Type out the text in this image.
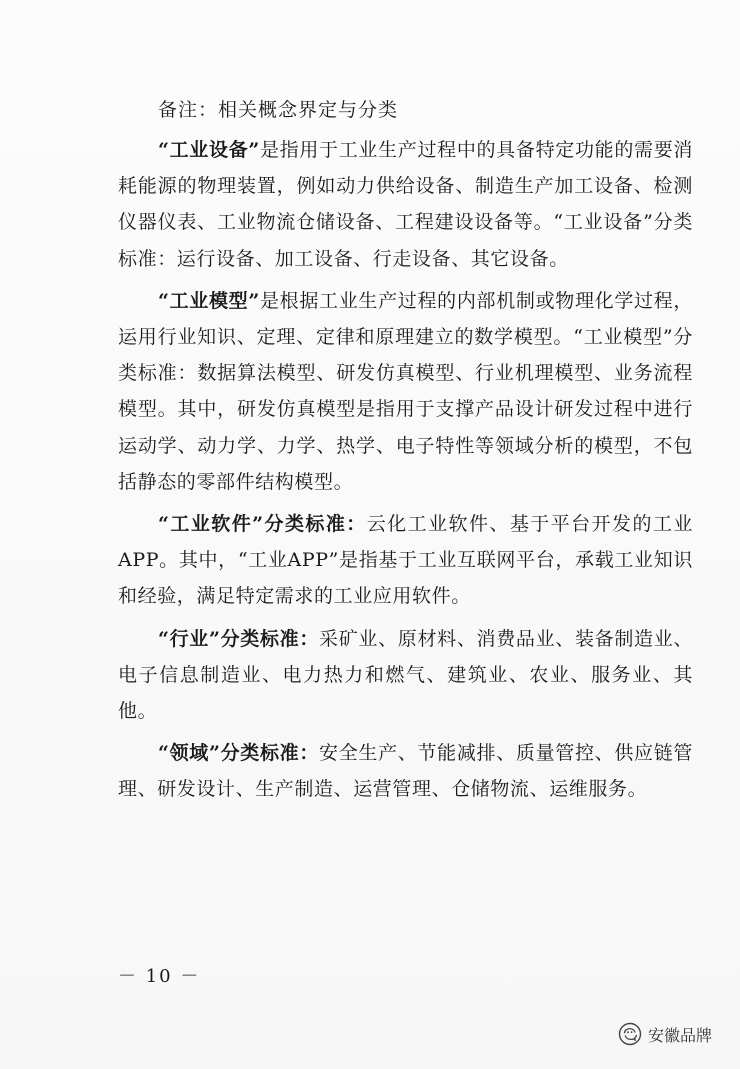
备注：相关概念界定与分类

“工业设备”是指用于工业生产过程中的具备特定功能的需要消耗能源的物理装置，例如动力供给设备、制造生产加工设备、检测仪器仪表、工业物流仓储设备、工程建设设备等。“工业设备”分类标准：运行设备、加工设备、行走设备、其它设备。

“工业模型”是根据工业生产过程的内部机制或物理化学过程，运用行业知识、定理、定律和原理建立的数学模型。“工业模型”分类标准：数据算法模型、研发仿真模型、行业机理模型、业务流程模型。其中，研发仿真模型是指用于支撑产品设计研发过程中进行运动学、动力学、力学、热学、电子特性等领域分析的模型，不包括静态的零部件结构模型。

“工业软件”分类标准：云化工业软件、基于平台开发的工业APP。其中，“工业APP”是指基于工业互联网平台，承载工业知识和经验，满足特定需求的工业应用软件。

“行业”分类标准：采矿业、原材料、消费品业、装备制造业、电子信息制造业、电力热力和燃气、建筑业、农业、服务业、其他。

“领域”分类标准：安全生产、节能减排、质量管控、供应链管理、研发设计、生产制造、运营管理、仓储物流、运维服务。

－ 10 －
安徽品牌
